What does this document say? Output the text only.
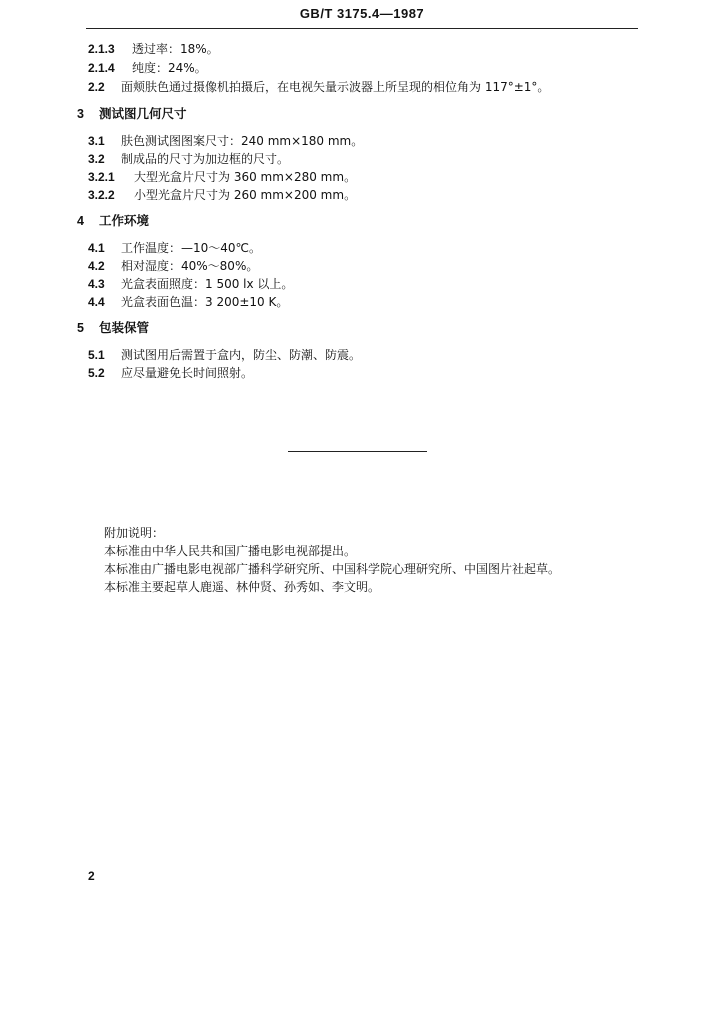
GB/T 3175.4—1987
2.1.3 透过率：18%。
2.1.4 纯度：24%。
2.2 面颊肤色通过摄像机拍摄后，在电视矢量示波器上所呈现的相位角为 117°±1°。
3 测试图几何尺寸
3.1 肤色测试图图案尺寸：240 mm×180 mm。
3.2 制成品的尺寸为加边框的尺寸。
3.2.1 大型光盒片尺寸为 360 mm×280 mm。
3.2.2 小型光盒片尺寸为 260 mm×200 mm。
4 工作环境
4.1 工作温度：—10～40℃。
4.2 相对湿度：40%～80%。
4.3 光盒表面照度：1 500 lx 以上。
4.4 光盒表面色温：3 200±10 K。
5 包装保管
5.1 测试图用后需置于盒内，防尘、防潮、防震。
5.2 应尽量避免长时间照射。
附加说明：
本标准由中华人民共和国广播电影电视部提出。
本标准由广播电影电视部广播科学研究所、中国科学院心理研究所、中国图片社起草。
本标准主要起草人鹿遥、林仲贤、孙秀如、李文明。
2
